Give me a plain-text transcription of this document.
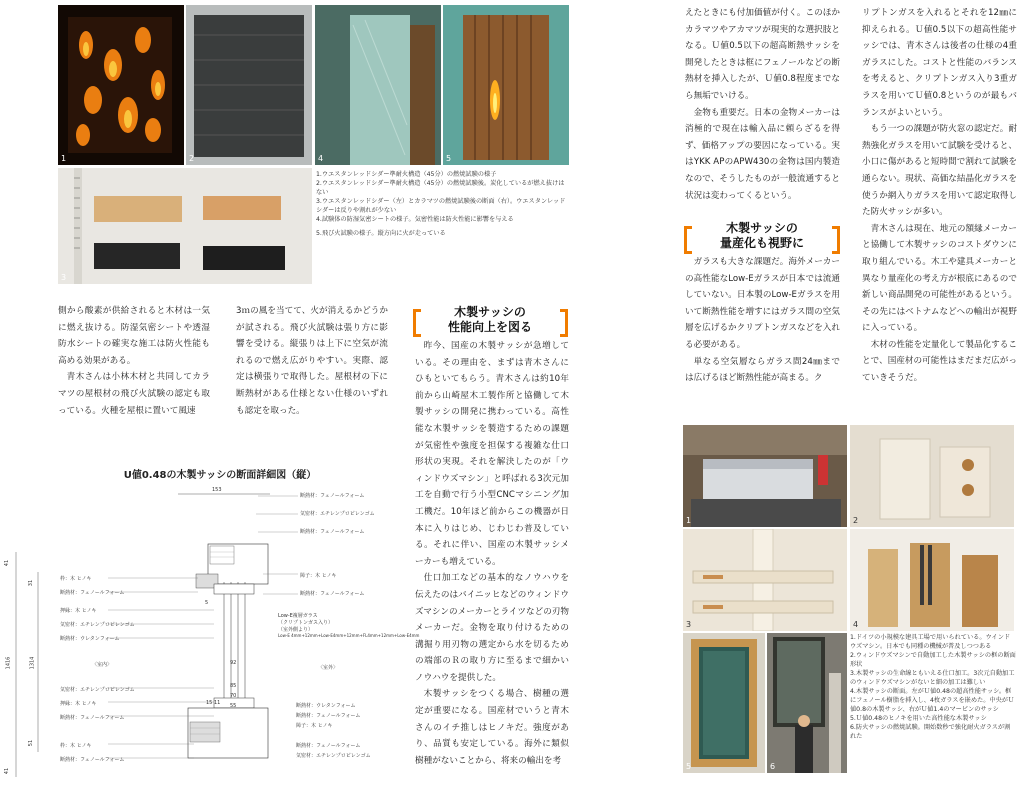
1	2	4	5
3

1.ウエスタンレッドシダー準耐火構造（45分）の燃焼試験の様子

2.ウエスタンレッドシダー準耐火構造（45分）の燃焼試験後。炭化しているが燃え抜けはない

3.ウエスタンレッドシダー（左）とカラマツの燃焼試験後の断面（右）。ウエスタンレッドシダーは反りや割れが少ない

4.試験体の防湿気密シートの様子。気密性能は防火性能に影響を与える

5.飛び火試験の様子。縦方向に火が走っている

側から酸素が供給されると木材は一気に燃え抜ける。防湿気密シートや透湿防水シートの確実な施工は防火性能も高める効果がある。

青木さんは小林木材と共同してカラマツの屋根材の飛び火試験の認定も取っている。火種を屋根に置いて風速

3ｍの風を当てて、火が消えるかどうかが試される。飛び火試験は張り方に影響を受ける。縦張りは上下に空気が流れるので燃え広がりやすい。実際、認定は横張りで取得した。屋根材の下に断熱材がある仕様とない仕様のいずれも認定を取った。

木製サッシの
性能向上を図る

昨今、国産の木製サッシが急増している。その理由を、まずは青木さんにひもといてもらう。青木さんは約10年前から山崎屋木工製作所と協働して木製サッシの開発に携わっている。高性能な木製サッシを製造するための課題が気密性や強度を担保する複雑な仕口形状の実現。それを解決したのが「ウィンドウズマシン」と呼ばれる3次元加工を自動で行う小型CNCマシニング加工機だ。10年ほど前からこの機器が日本に入りはじめ、じわじわ普及している。それに伴い、国産の木製サッシメーカーも増えている。

仕口加工などの基本的なノウハウを伝えたのはバイニッヒなどのウィンドウズマシンのメーカーとライツなどの刃物メーカーだ。金物を取り付けるための溝掘り用刃物の選定から水を切るための端部のＲの取り方に至るまで細かいノウハウを提供した。

木製サッシをつくる場合、樹種の選定が重要になる。国産材でいうと青木さんのイチ推しはヒノキだ。強度があり、品質も安定している。海外に類似樹種がないことから、将来の輸出を考

U値0.48の木製サッシの断面詳細図（縦）
153
断熱材：フェノールフォーム
気密材：エチレンプロピレンゴム
断熱材：フェノールフォーム
障子：木 ヒノキ
断熱材：フェノールフォーム
Low-E複層ガラス
（クリプトンガス入り）
（室外側より）
Low-E 4mm+12mm+Low-E4mm+12mm+FL4mm+12mm+Low-E4mm
枠：木 ヒノキ
断熱材：フェノールフォーム
押縁：木 ヒノキ
気密材：エチレンプロピレンゴム
断熱材：ウレタンフォーム
気密材：エチレンプロピレンゴム
押縁：木 ヒノキ
断熱材：フェノールフォーム
枠：木 ヒノキ
断熱材：フェノールフォーム
〈室内〉	〈室外〉
断熱材：ウレタンフォーム
断熱材：フェノールフォーム
障子：木 ヒノキ
断熱材：フェノールフォーム
気密材：エチレンプロピレンゴム
41
31
1416	1314
51
41
5
92
85
70
55
11
15

えたときにも付加価値が付く。このほかカラマツやアカマツが現実的な選択肢となる。Ｕ値0.5以下の超高断熱サッシを開発したときは框にフェノールなどの断熱材を挿入したが、Ｕ値0.8程度までなら無垢でいける。

金物も重要だ。日本の金物メーカーは消極的で現在は輸入品に頼らざるを得ず、価格アップの要因になっている。実はYKK APのAPW430の金物は国内製造なので、そうしたものが一般流通すると状況は変わってくるという。

木製サッシの
量産化も視野に

ガラスも大きな課題だ。海外メーカーの高性能なLow-Eガラスが日本では流通していない。日本製のLow-Eガラスを用いて断熱性能を増すにはガラス間の空気層を広げるかクリプトンガスなどを入れる必要がある。

単なる空気層ならガラス間24㎜までは広げるほど断熱性能が高まる。ク

リプトンガスを入れるとそれを12㎜に抑えられる。Ｕ値0.5以下の超高性能サッシでは、青木さんは後者の仕様の4重ガラスにした。コストと性能のバランスを考えると、クリプトンガス入り3重ガラスを用いてＵ値0.8というのが最もバランスがよいという。

もう一つの課題が防火窓の認定だ。耐熱強化ガラスを用いて試験を受けると、小口に傷があると短時間で割れて試験を通らない。現状、高価な結晶化ガラスを使うか網入りガラスを用いて認定取得した防火サッシが多い。

青木さんは現在、地元の額縁メーカーと協働して木製サッシのコストダウンに取り組んでいる。木工や建具メーカーと異なり量産化の考え方が根底にあるので新しい商品開発の可能性があるという。その先にはベトナムなどへの輸出が視野に入っている。

木材の性能を定量化して製品化することで、国産材の可能性はまだまだ広がっていきそうだ。

1	2
3	4
5	6

1.ドイツの小規模な建具工場で用いられている。ウインドウズマシン。日本でも同種の機械が普及しつつある

2.ウィンドウズマシンで自動加工した木製サッシの框の断面形状

3.木製サッシの生命線ともいえる仕口加工。3次元自動加工のウィンドウズマシンがないと細の加工は難しい

4.木製サッシの断面。左がＵ値0.48の超高性能サッシ。框にフェノール樹脂を挿入し、4枚ガラスを嵌めた。中央がＵ値0.8の木製サッシ、右がＵ値1.4のマービンのサッシ

5.Ｕ値0.48のヒノキを用いた高性能な木製サッシ

6.防火サッシの燃焼試験。開始数秒で強化耐火ガラスが割れた
